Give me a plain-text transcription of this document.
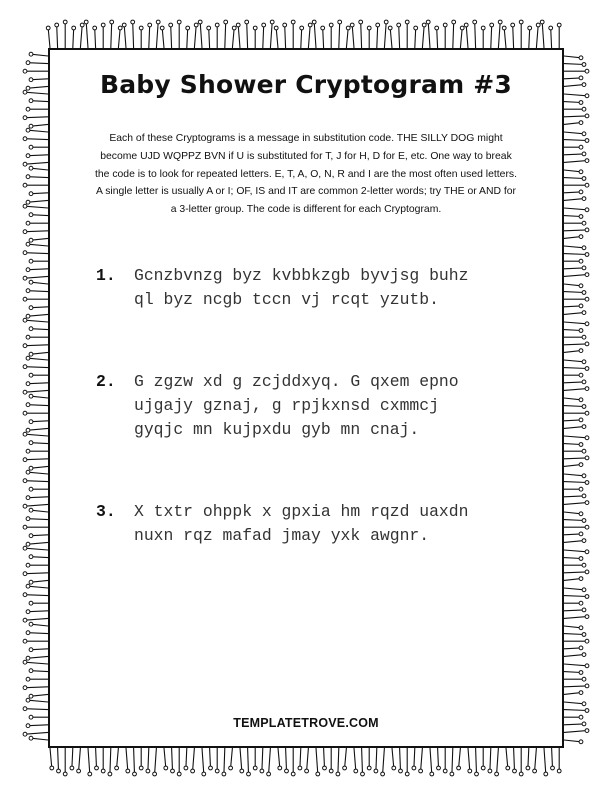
Baby Shower Cryptogram #3
Each of these Cryptograms is a message in substitution code. THE SILLY DOG might become UJD WQPPZ BVN if U is substituted for T, J for H, D for E, etc. One way to break the code is to look for repeated letters. E, T, A, O, N, R and I are the most often used letters. A single letter is usually A or I; OF, IS and IT are common 2-letter words; try THE or AND for a 3-letter group. The code is different for each Cryptogram.
1. Gcnzbvnzg byz kvbbkzgb byvjsg buhz
ql byz ncgb tccn vj rcqt yzutb.
2. G zgzw xd g zcjddxyq. G qxem epno
ujgajy gznaj, g rpjkxnsd cxmmcj
gyqjc mn kujpxdu gyb mn cnaj.
3. X txtr ohppk x gpxia hm rqzd uaxdn
nuxn rqz mafad jmay yxk awgnr.
TEMPLATETROVE.COM
